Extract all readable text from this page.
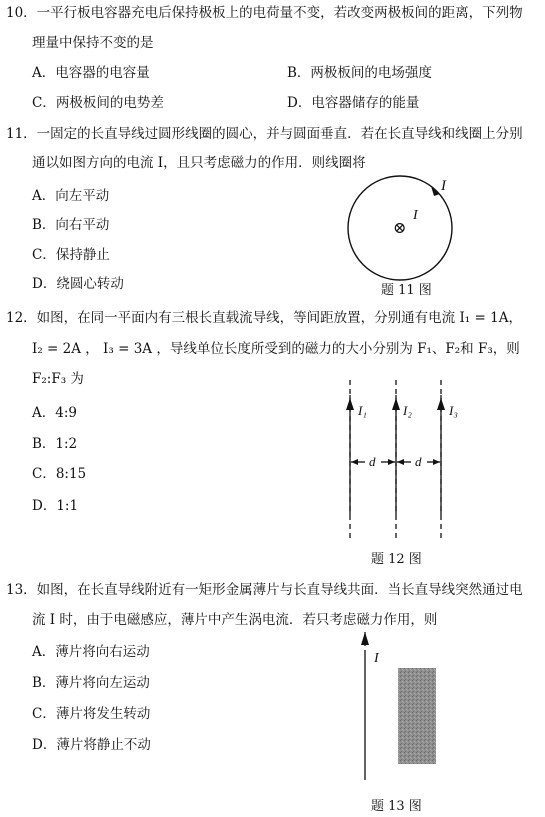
10．一平行板电容器充电后保持极板上的电荷量不变，若改变两极板间的距离，下列物
理量中保持不变的是
A．电容器的电容量	B．两极板间的电场强度
C．两极板间的电势差	D．电容器储存的能量
11．一固定的长直导线过圆形线圈的圆心，并与圆面垂直．若在长直导线和线圈上分别
通以如图方向的电流 I，且只考虑磁力的作用．则线圈将
A．向左平动
B．向右平动
C．保持静止
D．绕圆心转动
I
I
⊗
题 11 图
12．如图，在同一平面内有三根长直载流导线，等间距放置，分别通有电流 I₁ = 1A，
I₂ = 2A ， I₃ = 3A ，导线单位长度所受到的磁力的大小分别为 F₁、F₂和 F₃，则
F₂:F₃ 为
A．4:9
B．1:2
C．8:15
D．1:1
I₁	I₂	I₃
d	d
题 12 图
13．如图，在长直导线附近有一矩形金属薄片与长直导线共面．当长直导线突然通过电
流 I 时，由于电磁感应，薄片中产生涡电流．若只考虑磁力作用，则
A．薄片将向右运动
B．薄片将向左运动
C．薄片将发生转动
D．薄片将静止不动
I
题 13 图
